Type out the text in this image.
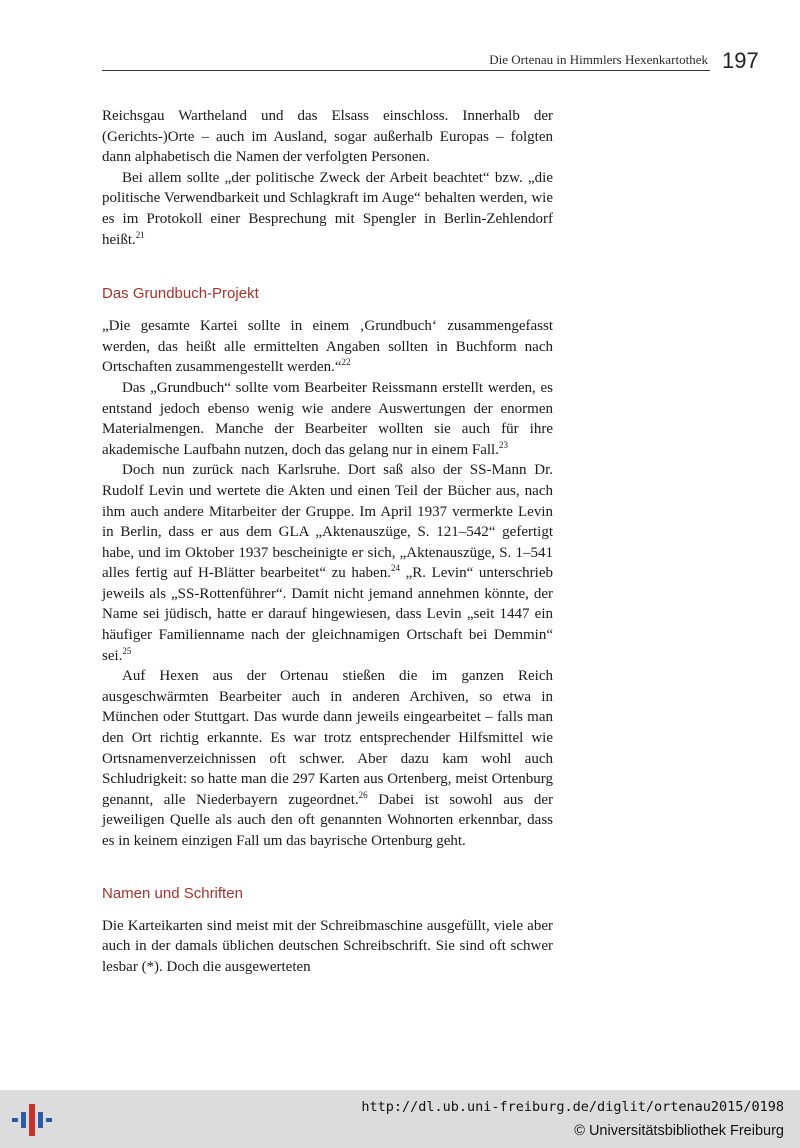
Die Ortenau in Himmlers Hexenkartothek 197

Reichsgau Wartheland und das Elsass einschloss. Innerhalb der (Gerichts-)Orte – auch im Ausland, sogar außerhalb Europas – folgten dann alphabetisch die Namen der verfolgten Personen.

Bei allem sollte „der politische Zweck der Arbeit beachtet“ bzw. „die politische Verwendbarkeit und Schlagkraft im Auge“ behalten werden, wie es im Protokoll einer Besprechung mit Spengler in Berlin-Zehlendorf heißt.$^{21}$

Das Grundbuch-Projekt

„Die gesamte Kartei sollte in einem ‚Grundbuch‘ zusammengefasst werden, das heißt alle ermittelten Angaben sollten in Buchform nach Ortschaften zusammengestellt werden.“$^{22}$

Das „Grundbuch“ sollte vom Bearbeiter Reissmann erstellt werden, es entstand jedoch ebenso wenig wie andere Auswertungen der enormen Materialmengen. Manche der Bearbeiter wollten sie auch für ihre akademische Laufbahn nutzen, doch das gelang nur in einem Fall.$^{23}$

Doch nun zurück nach Karlsruhe. Dort saß also der SS-Mann Dr. Rudolf Levin und wertete die Akten und einen Teil der Bücher aus, nach ihm auch andere Mitarbeiter der Gruppe. Im April 1937 vermerkte Levin in Berlin, dass er aus dem GLA „Aktenauszüge, S. 121–542“ gefertigt habe, und im Oktober 1937 bescheinigte er sich, „Aktenauszüge, S. 1–541 alles fertig auf H-Blätter bearbeitet“ zu haben.$^{24}$ „R. Levin“ unterschrieb jeweils als „SS-Rottenführer“. Damit nicht jemand annehmen könnte, der Name sei jüdisch, hatte er darauf hingewiesen, dass Levin „seit 1447 ein häufiger Familienname nach der gleichnamigen Ortschaft bei Demmin“ sei.$^{25}$

Auf Hexen aus der Ortenau stießen die im ganzen Reich ausgeschwärmten Bearbeiter auch in anderen Archiven, so etwa in München oder Stuttgart. Das wurde dann jeweils eingearbeitet – falls man den Ort richtig erkannte. Es war trotz entsprechender Hilfsmittel wie Ortsnamenverzeichnissen oft schwer. Aber dazu kam wohl auch Schludrigkeit: so hatte man die 297 Karten aus Ortenberg, meist Ortenburg genannt, alle Niederbayern zugeordnet.$^{26}$ Dabei ist sowohl aus der jeweiligen Quelle als auch den oft genannten Wohnorten erkennbar, dass es in keinem einzigen Fall um das bayrische Ortenburg geht.

Namen und Schriften

Die Karteikarten sind meist mit der Schreibmaschine ausgefüllt, viele aber auch in der damals üblichen deutschen Schreibschrift. Sie sind oft schwer lesbar (*). Doch die ausgewerteten

http://dl.ub.uni-freiburg.de/diglit/ortenau2015/0198
© Universitätsbibliothek Freiburg
